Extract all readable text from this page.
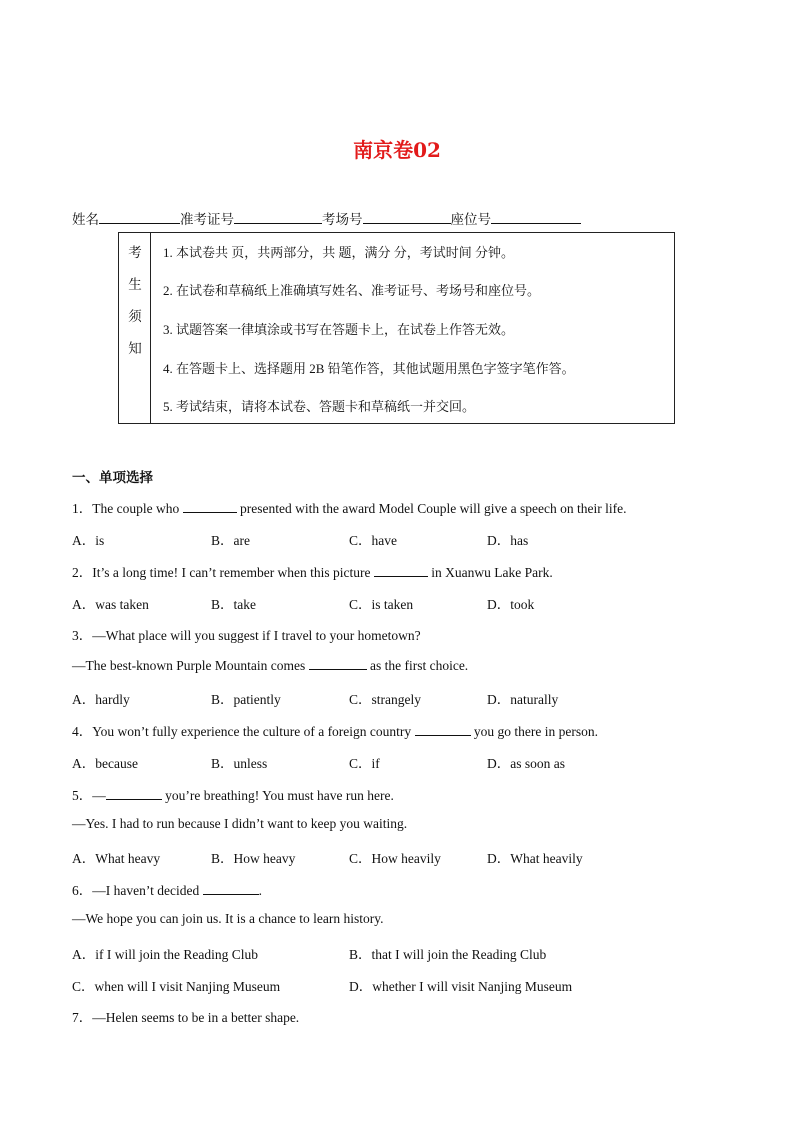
南京卷02
姓名	准考证号	考场号	座位号
考
生
须
知
1. 本试卷共 页，共两部分，共 题，满分 分，考试时间 分钟。
2. 在试卷和草稿纸上准确填写姓名、准考证号、考场号和座位号。
3. 试题答案一律填涂或书写在答题卡上，在试卷上作答无效。
4. 在答题卡上、选择题用 2B 铅笔作答，其他试题用黑色字签字笔作答。
5. 考试结束，请将本试卷、答题卡和草稿纸一并交回。
一、单项选择
1．The couple who	presented with the award Model Couple will give a speech on their life.
A．is	B．are	C．have	D．has
2．It’s a long time! I can’t remember when this picture	in Xuanwu Lake Park.
A．was taken	B．take	C．is taken	D．took
3．—What place will you suggest if I travel to your hometown?
—The best-known Purple Mountain comes	as the first choice.
A．hardly	B．patiently	C．strangely	D．naturally
4．You won’t fully experience the culture of a foreign country	you go there in person.
A．because	B．unless	C．if	D．as soon as
5．—	you’re breathing! You must have run here.
—Yes. I had to run because I didn’t want to keep you waiting.
A．What heavy	B．How heavy	C．How heavily	D．What heavily
6．—I haven’t decided	.
—We hope you can join us. It is a chance to learn history.
A．if I will join the Reading Club	B．that I will join the Reading Club
C．when will I visit Nanjing Museum	D．whether I will visit Nanjing Museum
7．—Helen seems to be in a better shape.
